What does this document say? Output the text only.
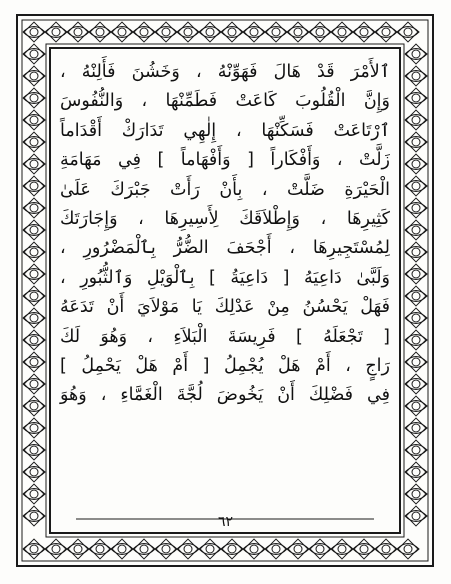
ٱلأَمْرَ قَدْ هَالَ فَهَوِّنْهُ ، وَخَشُنَ فَأَلِنْهُ ،
وَإِنَّ الْقُلُوبَ كَاعَتْ فَطَمِّنْهَا ، وَالنُّفُوسَ
ٱرْتَاعَتْ فَسَكِّنْهَا ، إِلٰهِي تَدَارَكْ أَقْدَاماً
زَلَّتْ ، وَأَفْكَاراً [ وَأَفْهَاماً ] فِي مَهَامَةِ
الْحَيْرَةِ ضَلَّتْ ، بِأَنْ رَأَتْ جَبْرَكَ عَلَىٰ
كَثِيرِهَا ، وَإِطْلاَقَكَ لِأَسِيرِهَا ، وَإِجَارَتَكَ
لِمُسْتَجِيرِهَا ، أَجْحَفَ الضُّرُّ بِٱلْمَضْرُورِ ،
وَلَبَّىٰ دَاعِيَهُ [ دَاعِيَةُ ] بِٱلْوَيْلِ وَٱلثُّبُورِ ،
فَهَلْ يَحْسُنُ مِنْ عَدْلِكَ يَا مَوْلاَيَ أَنْ تَدَعَهُ
[ تَجْعَلَهُ ] فَرِيسَةَ الْبَلاَءِ ، وَهُوَ لَكَ
رَاجٍ ، أَمْ هَلْ يُجْمِلُ [ أَمْ هَلْ يَحْمِلُ ]
فِي فَضْلِكَ أَنْ يَخُوضَ لُجَّةَ الْغَمَّاءِ ، وَهُوَ
٦٢
